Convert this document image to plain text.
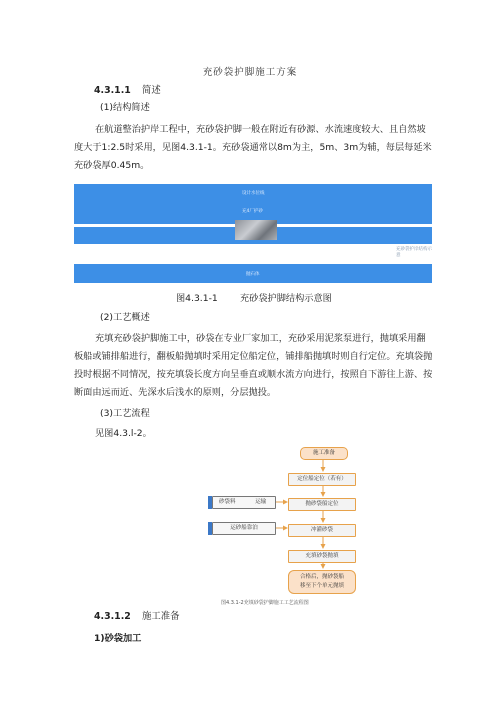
充砂袋护脚施工方案
4.3.1.1 简述
(1)结构简述
在航道整治护岸工程中，充砂袋护脚一般在附近有砂源、水流速度较大、且自然坡
度大于1:2.5时采用，见图4.3.1-1。充砂袋通常以8m为主，5m、3m为辅，每层每延米
充砂袋厚0.45m。
设计水位线
充4厂护砂
充砂袋护岸结构示意
抛石体
图4.3.1-1 充砂袋护脚结构示意图
(2)工艺概述
充填充砂袋护脚施工中，砂袋在专业厂家加工，充砂采用泥浆泵进行，抛填采用翻
板船或铺排船进行，翻板船抛填时采用定位船定位，铺排船抛填时则自行定位。充填袋抛
投时根据不同情况，按充填袋长度方向呈垂直或顺水流方向进行，按照自下游往上游、按
断面由远而近、先深水后浅水的原则，分层抛投。
(3)工艺流程
见图4.3.l-2。
施工准备
定位船定位（若有）
抛砂袋船定位
冲灌砂袋
充填砂袋抛填
合格后，抛砂袋船
移至下个单元抛填
砂袋料	运输
运砂船靠泊
图4.3.1-2充填砂袋护脚施工工艺流程图
4.3.1.2 施工准备
1)砂袋加工
